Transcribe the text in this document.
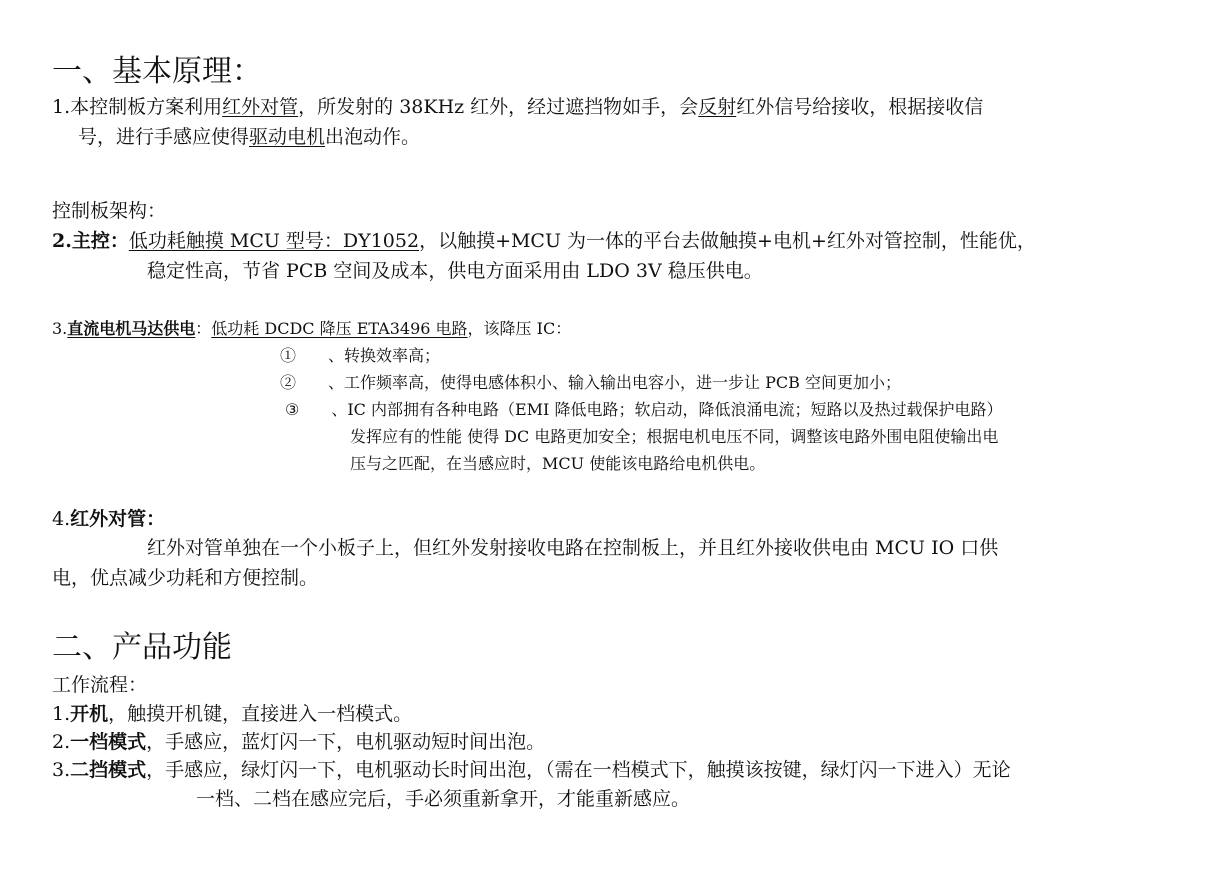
一、基本原理：
1.本控制板方案利用红外对管，所发射的 38KHz 红外，经过遮挡物如手，会反射红外信号给接收，根据接收信
号，进行手感应使得驱动电机出泡动作。
控制板架构：
2.主控：低功耗触摸 MCU 型号：DY1052，以触摸+MCU 为一体的平台去做触摸+电机+红外对管控制，性能优，
稳定性高，节省 PCB 空间及成本，供电方面采用由 LDO 3V 稳压供电。
3.直流电机马达供电：低功耗 DCDC 降压 ETA3496 电路，该降压 IC：
①　　、转换效率高；
②　　、工作频率高，使得电感体积小、输入输出电容小，进一步让 PCB 空间更加小；
③　　、IC 内部拥有各种电路（EMI 降低电路；软启动，降低浪涌电流；短路以及热过载保护电路）
发挥应有的性能 使得 DC 电路更加安全；根据电机电压不同，调整该电路外围电阻使输出电
压与之匹配，在当感应时，MCU 使能该电路给电机供电。
4.红外对管：
红外对管单独在一个小板子上，但红外发射接收电路在控制板上，并且红外接收供电由 MCU IO 口供
电，优点减少功耗和方便控制。
二、产品功能
工作流程：
1.开机，触摸开机键，直接进入一档模式。
2.一档模式，手感应，蓝灯闪一下，电机驱动短时间出泡。
3.二挡模式，手感应，绿灯闪一下，电机驱动长时间出泡，（需在一档模式下，触摸该按键，绿灯闪一下进入）无论
一档、二档在感应完后，手必须重新拿开，才能重新感应。
